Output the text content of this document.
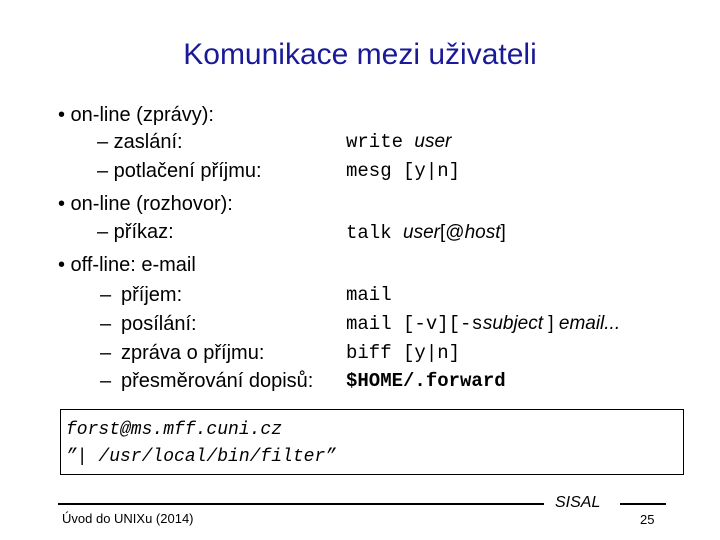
Komunikace mezi uživateli
• on-line (zprávy):
– zaslání:	write user
– potlačení příjmu:	mesg [y|n]
• on-line (rozhovor):
– příkaz:	talk user[@host]
• off-line: e-mail
– příjem:	mail
– posílání:	mail [-v][-ssubject ] email...
– zpráva o příjmu:	biff [y|n]
– přesměrování dopisů: $HOME/.forward
forst@ms.mff.cuni.cz
”| /usr/local/bin/filter”
Úvod do UNIXu (2014)
SISAL
25
